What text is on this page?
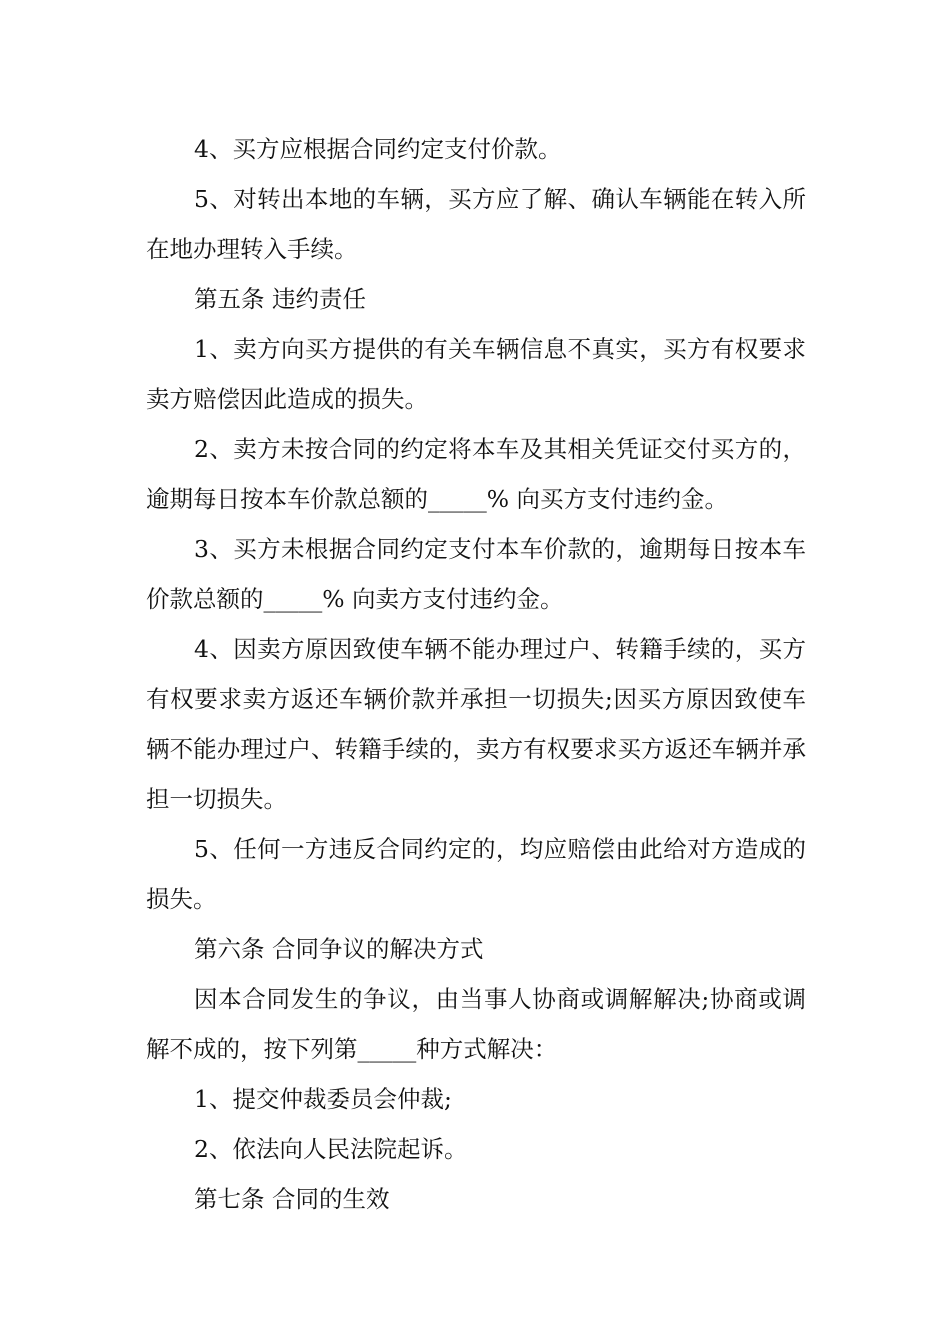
4、买方应根据合同约定支付价款。

5、对转出本地的车辆，买方应了解、确认车辆能在转入所在地办理转入手续。

第五条 违约责任

1、卖方向买方提供的有关车辆信息不真实，买方有权要求卖方赔偿因此造成的损失。

2、卖方未按合同的约定将本车及其相关凭证交付买方的，逾期每日按本车价款总额的_____% 向买方支付违约金。

3、买方未根据合同约定支付本车价款的，逾期每日按本车价款总额的_____% 向卖方支付违约金。

4、因卖方原因致使车辆不能办理过户、转籍手续的，买方有权要求卖方返还车辆价款并承担一切损失;因买方原因致使车辆不能办理过户、转籍手续的，卖方有权要求买方返还车辆并承担一切损失。

5、任何一方违反合同约定的，均应赔偿由此给对方造成的损失。

第六条 合同争议的解决方式

因本合同发生的争议，由当事人协商或调解解决;协商或调解不成的，按下列第_____种方式解决：

1、提交仲裁委员会仲裁;

2、依法向人民法院起诉。

第七条 合同的生效
